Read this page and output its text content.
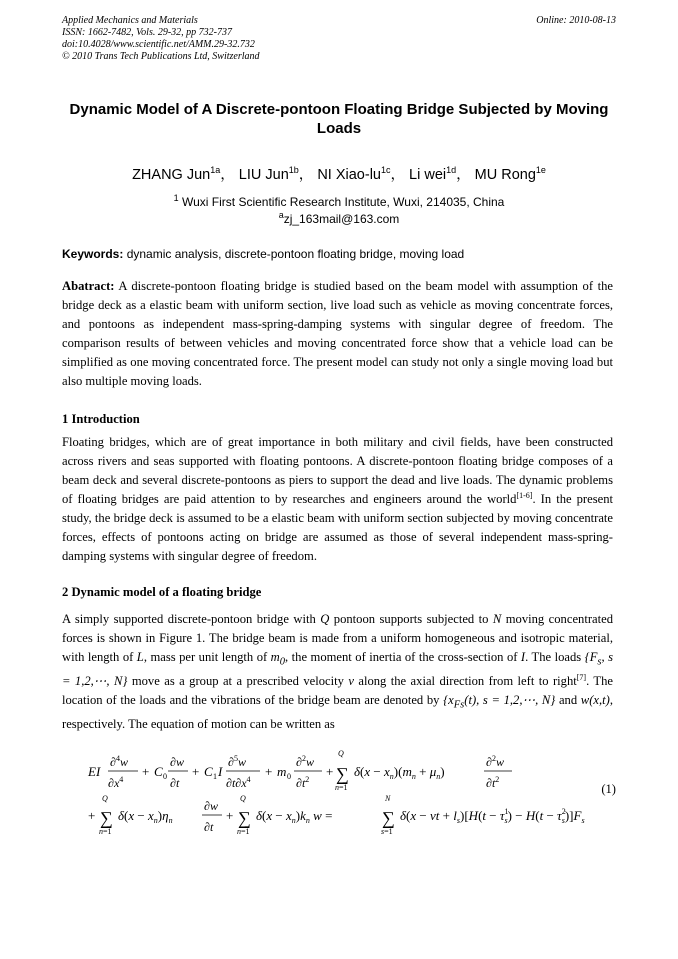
Applied Mechanics and Materials
ISSN: 1662-7482, Vols. 29-32, pp 732-737
doi:10.4028/www.scientific.net/AMM.29-32.732
© 2010 Trans Tech Publications Ltd, Switzerland
Online: 2010-08-13
Dynamic Model of A Discrete-pontoon Floating Bridge Subjected by Moving Loads
ZHANG Jun$^{1a}$， LIU Jun$^{1b}$， NI Xiao-$lu^{1c}$， Li wei$^{1d}$， MU Rong$^{1e}$
$^1$ Wuxi First Scientific Research Institute, Wuxi, 214035, China
$^a$zj_163mail@163.com
Keywords: dynamic analysis, discrete-pontoon floating bridge, moving load
Abatract: A discrete-pontoon floating bridge is studied based on the beam model with assumption of the bridge deck as a elastic beam with uniform section, live load such as vehicle as moving concentrate forces, and pontoons as independent mass-spring-damping systems with singular degree of freedom. The comparison results of between vehicles and moving concentrated force show that a vehicle load can be simplified as one moving concentrated force. The present model can study not only a single moving load but also multiple moving loads.
1 Introduction
Floating bridges, which are of great importance in both military and civil fields, have been constructed across rivers and seas supported with floating pontoons. A discrete-pontoon floating bridge composes of a beam deck and several discrete-pontoons as piers to support the dead and live loads. The dynamic problems of floating bridges are paid attention to by researches and engineers around the world[1-6]. In the present study, the bridge deck is assumed to be a elastic beam with uniform section subjected by moving concentrate forces, effects of pontoons acting on bridge are assumed as those of several independent mass-spring-damping systems with singular degree of freedom.
2 Dynamic model of a floating bridge
A simply supported discrete-pontoon bridge with Q pontoon supports subjected to N moving concentrated forces is shown in Figure 1. The bridge beam is made from a uniform homogeneous and isotropic material, with length of L, mass per unit length of $m_0$, the moment of inertia of the cross-section of I. The loads {$F_s$, s = 1,2,⋯, N} move as a group at a prescribed velocity v along the axial direction from left to right[7]. The location of the loads and the vibrations of the bridge beam are denoted by {$x_{Fs}(t)$, s = 1,2,⋯, N} and w(x,t), respectively. The equation of motion can be written as
EI
∂$^4$w
$\partial x^4$
+ C 0
∂w
∂t
+ C 1 I
∂$^5$w
$\partial t\partial x^4$
+ m 0
∂$^2$w
$\partial t^2$
+
Q
∑
n=1
$\delta(x - x_n)(m_n + \mu_n)$
∂$^2$w
$\partial t^2$
+
Q
∑
n=1
$\delta(x - x_n)\eta_n$
∂w
∂t
+
Q
∑
n=1
$\delta(x - x_n)k_n$ w =
N
∑
s=1
δ(x − vt + $l_s)[H(t - \tau^1$ $s) - H(t - \tau^2$ $s)]F_s$
(1)
